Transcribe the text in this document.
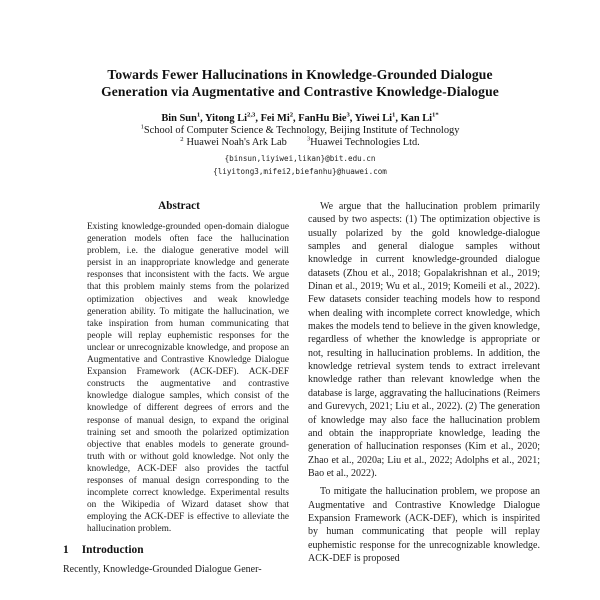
Towards Fewer Hallucinations in Knowledge-Grounded Dialogue
Generation via Augmentative and Contrastive Knowledge-Dialogue
Bin Sun$^1$, Yitong Li$^{2,3}$, Fei Mi$^2$, FanHu Bie$^3$, Yiwei Li$^1$, Kan $Li^{1*}$
$^1$School of Computer Science & Technology, Beijing Institute of Technology
$^2$ Huawei Noah's Ark Lab	$^3$Huawei Technologies Ltd.
{binsun,liyiwei,likan}@bit.edu.cn
{liyitong3,mifei2,biefanhu}@huawei.com
Abstract
Existing knowledge-grounded open-domain dialogue generation models often face the hallucination problem, i.e. the dialogue generative model will persist in an inappropriate knowledge and generate responses that inconsistent with the facts. We argue that this problem mainly stems from the polarized optimization objectives and weak knowledge generation ability. To mitigate the hallucination, we take inspiration from human communicating that people will replay euphemistic responses for the unclear or unrecognizable knowledge, and propose an Augmentative and Contrastive Knowledge Dialogue Expansion Framework (ACK-DEF). ACK-DEF constructs the augmentative and contrastive knowledge dialogue samples, which consist of the knowledge of different degrees of errors and the response of manual design, to expand the original training set and smooth the polarized optimization objective that enables models to generate ground-truth with or without gold knowledge. Not only the knowledge, ACK-DEF also provides the tactful responses of manual design corresponding to the incomplete correct knowledge. Experimental results on the Wikipedia of Wizard dataset show that employing the ACK-DEF is effective to alleviate the hallucination problem.
1 Introduction
Recently, Knowledge-Grounded Dialogue Gener-

We argue that the hallucination problem primarily caused by two aspects: (1) The optimization objective is usually polarized by the gold knowledge-dialogue samples and general dialogue samples without knowledge in current knowledge-grounded dialogue datasets (Zhou et al., 2018; Gopalakrishnan et al., 2019; Dinan et al., 2019; Wu et al., 2019; Komeili et al., 2022). Few datasets consider teaching models how to respond when dealing with incomplete correct knowledge, which makes the models tend to believe in the given knowledge, regardless of whether the knowledge is appropriate or not, resulting in hallucination problems. In addition, the knowledge retrieval system tends to extract irrelevant knowledge rather than relevant knowledge when the database is large, aggravating the hallucinations (Reimers and Gurevych, 2021; Liu et al., 2022). (2) The generation of knowledge may also face the hallucination problem and obtain the inappropriate knowledge, leading the generation of hallucination responses (Kim et al., 2020; Zhao et al., 2020a; Liu et al., 2022; Adolphs et al., 2021; Bao et al., 2022).

To mitigate the hallucination problem, we propose an Augmentative and Contrastive Knowledge Dialogue Expansion Framework (ACK-DEF), which is inspirited by human communicating that people will replay euphemistic response for the unrecognizable knowledge. ACK-DEF is proposed
